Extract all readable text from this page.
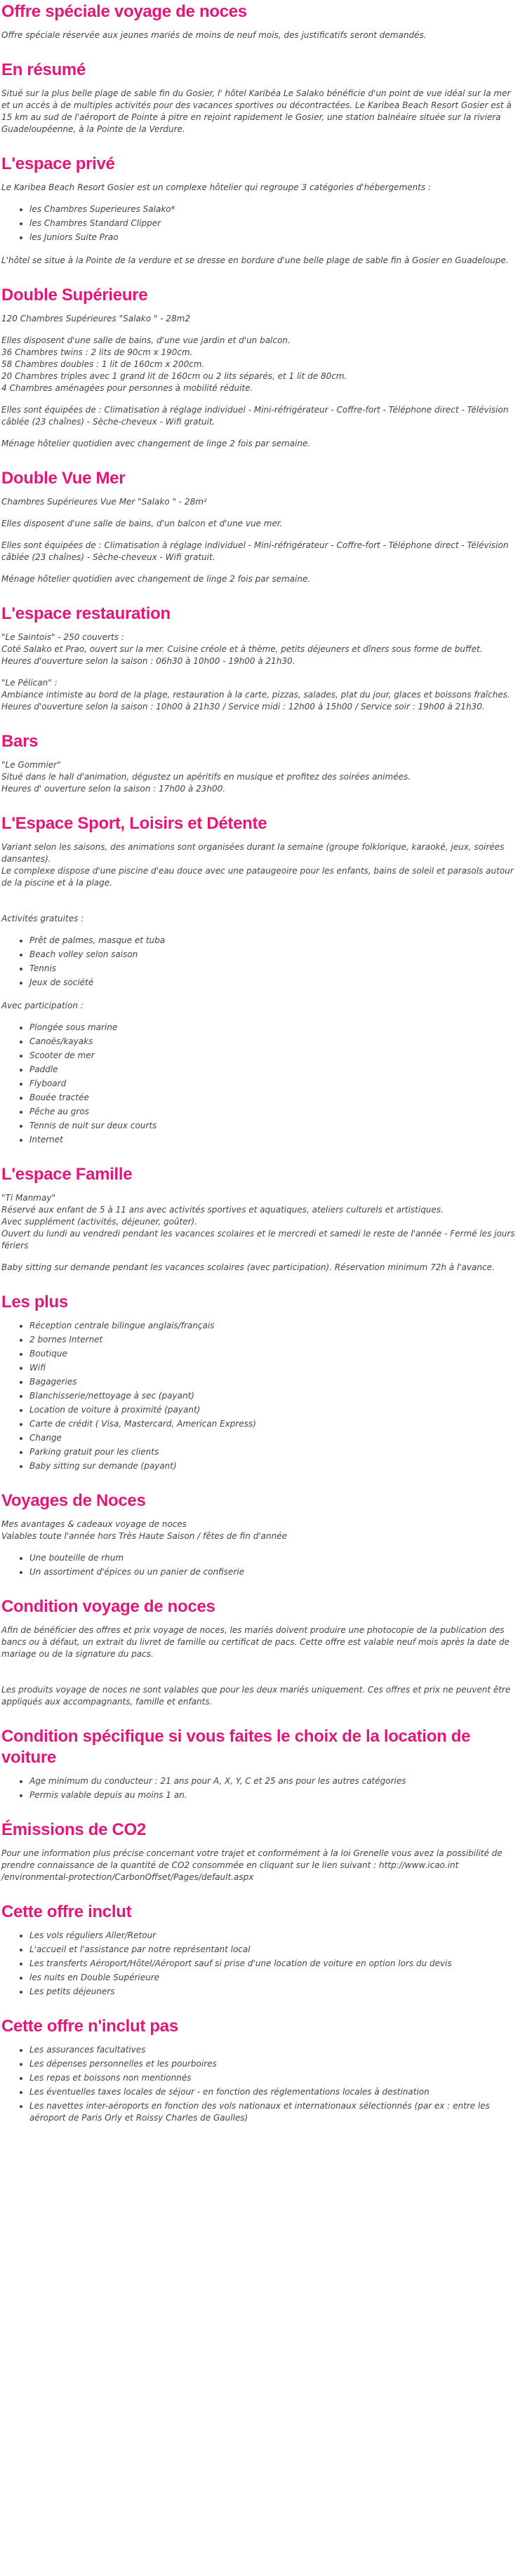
Offre spéciale voyage de noces

Offre spéciale réservée aux jeunes mariés de moins de neuf mois, des justificatifs seront demandés.

En résumé

Situé sur la plus belle plage de sable fin du Gosier, l' hôtel Karibéa Le Salako bénéficie d'un point de vue idéal sur la mer et un accès à de multiples activités pour des vacances sportives ou décontractées. Le Karibea Beach Resort Gosier est à 15 km au sud de l'aéroport de Pointe à pitre en rejoint rapidement le Gosier, une station balnéaire située sur la riviera Guadeloupéenne, à la Pointe de la Verdure.

L'espace privé

Le Karibea Beach Resort Gosier est un complexe hôtelier qui regroupe 3 catégories d'hébergements :

• les Chambres Superieures Salako*
• les Chambres Standard Clipper
• les Juniors Suite Prao

L'hôtel se situe à la Pointe de la verdure et se dresse en bordure d'une belle plage de sable fin à Gosier en Guadeloupe.

Double Supérieure

120 Chambres Supérieures "Salako " - 28m2

Elles disposent d'une salle de bains, d'une vue jardin et d'un balcon.
36 Chambres twins : 2 lits de 90cm x 190cm.
58 Chambres doubles : 1 lit de 160cm x 200cm.
20 Chambres triples avec 1 grand lit de 160cm ou 2 lits séparés, et 1 lit de 80cm.
4 Chambres aménagées pour personnes à mobilité réduite.

Elles sont équipées de : Climatisation à réglage individuel - Mini-réfrigérateur - Coffre-fort - Téléphone direct - Télévision câblée (23 chaînes) - Sèche-cheveux - Wifi gratuit.

Ménage hôtelier quotidien avec changement de linge 2 fois par semaine.

Double Vue Mer

Chambres Supérieures Vue Mer "Salako " - 28m²

Elles disposent d'une salle de bains, d'un balcon et d'une vue mer.

Elles sont équipées de : Climatisation à réglage individuel - Mini-réfrigérateur - Coffre-fort - Téléphone direct - Télévision câblée (23 chaînes) - Sèche-cheveux - Wifi gratuit.

Ménage hôtelier quotidien avec changement de linge 2 fois par semaine.

L'espace restauration

"Le Saintois" - 250 couverts :
Coté Salako et Prao, ouvert sur la mer. Cuisine créole et à thème, petits déjeuners et dîners sous forme de buffet.
Heures d'ouverture selon la saison : 06h30 à 10h00 - 19h00 à 21h30.

"Le Pélican" :
Ambiance intimiste au bord de la plage, restauration à la carte, pizzas, salades, plat du jour, glaces et boissons fraîches.
Heures d'ouverture selon la saison : 10h00 à 21h30 / Service midi : 12h00 à 15h00 / Service soir : 19h00 à 21h30.

Bars

"Le Gommier"
Situé dans le hall d'animation, dégustez un apéritifs en musique et profitez des soirées animées.
Heures d' ouverture selon la saison : 17h00 à 23h00.

L'Espace Sport, Loisirs et Détente

Variant selon les saisons, des animations sont organisées durant la semaine (groupe folklorique, karaoké, jeux, soirées dansantes).
Le complexe dispose d'une piscine d'eau douce avec une pataugeoire pour les enfants, bains de soleil et parasols autour de la piscine et à la plage.

Activités gratuites :

• Prêt de palmes, masque et tuba
• Beach volley selon saison
• Tennis
• Jeux de société

Avec participation :

• Plongée sous marine
• Canoës/kayaks
• Scooter de mer
• Paddle
• Flyboard
• Bouée tractée
• Pêche au gros
• Tennis de nuit sur deux courts
• Internet
L'espace Famille

"Ti Manmay"
Réservé aux enfant de 5 à 11 ans avec activités sportives et aquatiques, ateliers culturels et artistiques.
Avec supplément (activités, déjeuner, goûter).
Ouvert du lundi au vendredi pendant les vacances scolaires et le mercredi et samedi le reste de l'année - Fermé les jours fériers

Baby sitting sur demande pendant les vacances scolaires (avec participation). Réservation minimum 72h à l'avance.

Les plus
• Réception centrale bilingue anglais/français
• 2 bornes Internet
• Boutique
• Wifi
• Bagageries
• Blanchisserie/nettoyage à sec (payant)
• Location de voiture à proximité (payant)
• Carte de crédit ( Visa, Mastercard, American Express)
• Change
• Parking gratuit pour les clients
• Baby sitting sur demande (payant)
Voyages de Noces

Mes avantages & cadeaux voyage de noces
Valables toute l'année hors Très Haute Saison / fêtes de fin d'année

• Une bouteille de rhum
• Un assortiment d'épices ou un panier de confiserie
Condition voyage de noces

Afin de bénéficier des offres et prix voyage de noces, les mariés doivent produire une photocopie de la publication des bancs ou à défaut, un extrait du livret de famille ou certificat de pacs. Cette offre est valable neuf mois après la date de mariage ou de la signature du pacs.

Les produits voyage de noces ne sont valables que pour les deux mariés uniquement. Ces offres et prix ne peuvent être appliqués aux accompagnants, famille et enfants.

Condition spécifique si vous faites le choix de la location de voiture
• Age minimum du conducteur : 21 ans pour A, X, Y, C et 25 ans pour les autres catégories
• Permis valable depuis au moins 1 an.
Émissions de CO2

Pour une information plus précise concernant votre trajet et conformément à la loi Grenelle vous avez la possibilité de prendre connaissance de la quantité de CO2 consommée en cliquant sur le lien suivant : http://www.icao.int /environmental-protection/CarbonOffset/Pages/default.aspx

Cette offre inclut
• Les vols réguliers Aller/Retour
• L'accueil et l'assistance par notre représentant local
• Les transferts Aéroport/Hôtel/Aéroport sauf si prise d'une location de voiture en option lors du devis
• les nuits en Double Supérieure
• Les petits déjeuners
Cette offre n'inclut pas
• Les assurances facultatives
• Les dépenses personnelles et les pourboires
• Les repas et boissons non mentionnés
• Les éventuelles taxes locales de séjour - en fonction des réglementations locales à destination
• Les navettes inter-aéroports en fonction des vols nationaux et internationaux sélectionnés (par ex : entre les aéroport de Paris Orly et Roissy Charles de Gaulles)
